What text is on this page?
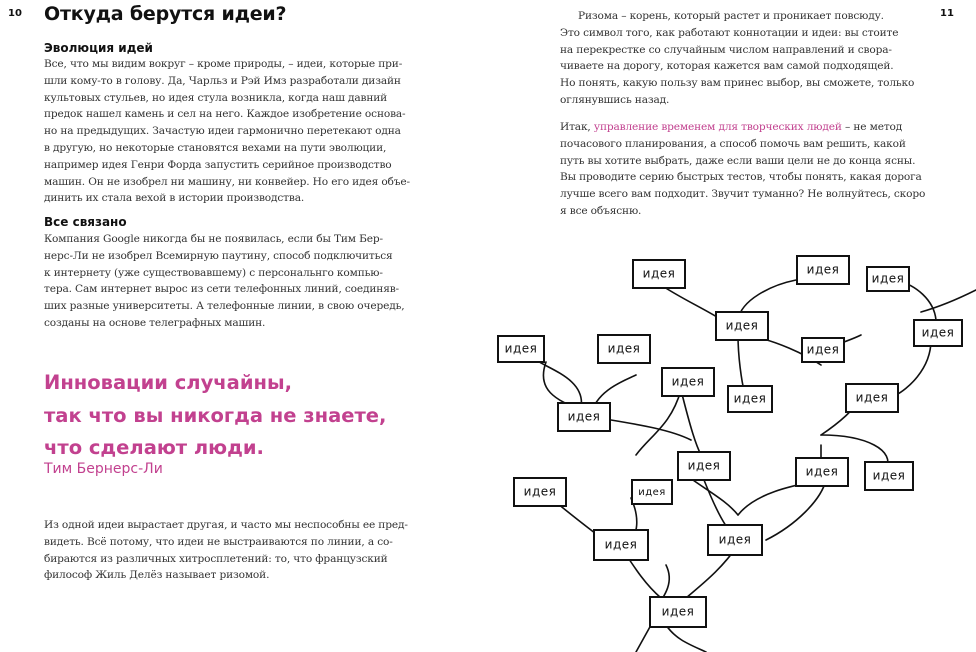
10	11
Откуда берутся идеи?
Эволюция идей

Все, что мы видим вокруг – кроме природы, – идеи, которые при-
шли кому-то в голову. Да, Чарльз и Рэй Имз разработали дизайн
культовых стульев, но идея стула возникла, когда наш давний
предок нашел камень и сел на него. Каждое изобретение основа-
но на предыдущих. Зачастую идеи гармонично перетекают одна
в другую, но некоторые становятся вехами на пути эволюции,
например идея Генри Форда запустить серийное производство
машин. Он не изобрел ни машину, ни конвейер. Но его идея объе-
динить их стала вехой в истории производства.

Все связано

Компания Google никогда бы не появилась, если бы Тим Бер-
нерс-Ли не изобрел Всемирную паутину, способ подключиться
к интернету (уже существовавшему) с персональнго компью-
тера. Сам интернет вырос из сети телефонных линий, соединяв-
ших разные университеты. А телефонные линии, в свою очередь,
созданы на основе телеграфных машин.

Инновации случайны,
так что вы никогда не знаете,
что сделают люди.
Тим Бернерс-Ли

Из одной идеи вырастает другая, и часто мы неспособны ее пред-
видеть. Всё потому, что идеи не выстраиваются по линии, а со-
бираются из различных хитросплетений: то, что французский
философ Жиль Делёз называет ризомой.

Ризома – корень, который растет и проникает повсюду.
Это символ того, как работают коннотации и идеи: вы стоите
на перекрестке со случайным числом направлений и свора-
чиваете на дорогу, которая кажется вам самой подходящей.
Но понять, какую пользу вам принес выбор, вы сможете, только
оглянувшись назад.

Итак, управление временем для творческих людей – не метод
почасового планирования, а способ помочь вам решить, какой
путь вы хотите выбрать, даже если ваши цели не до конца ясны.
Вы проводите серию быстрых тестов, чтобы понять, какая дорога
лучше всего вам подходит. Звучит туманно? Не волнуйтесь, скоро
я все объясню.

идея	идея
идея
идея	идея
идея	идея	идея
идея
идея	идея
идея
идея	идея	идея
идея	идея
идея	идея
идея
